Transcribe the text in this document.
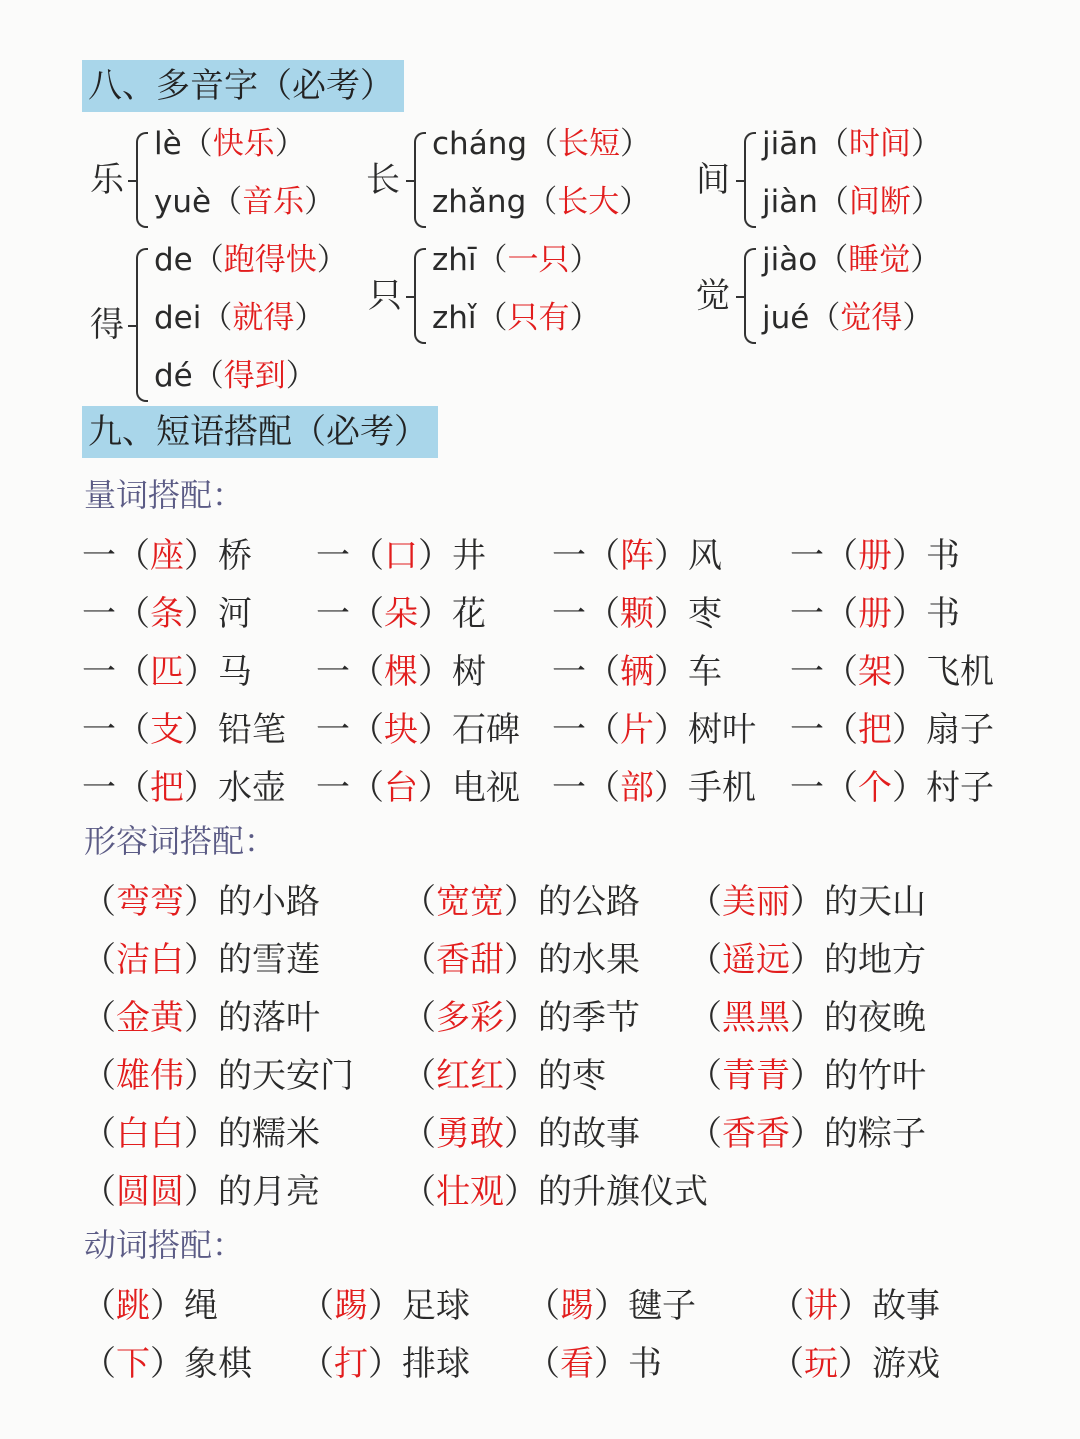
八、多音字（必考）
乐
lè（快乐）
yuè（音乐）
长
cháng（长短）
zhǎng（长大）
间
jiān（时间）
jiàn（间断）
得
de（跑得快）
dei（就得）
dé（得到）
只
zhī（一只）
zhǐ（只有）
觉
jiào（睡觉）
jué（觉得）
九、短语搭配（必考）
量词搭配：
一（座）桥 一（口）井 一（阵）风 一（册）书
一（条）河 一（朵）花 一（颗）枣 一（册）书
一（匹）马 一（棵）树 一（辆）车 一（架）飞机
一（支）铅笔 一（块）石碑 一（片）树叶 一（把）扇子
一（把）水壶 一（台）电视 一（部）手机 一（个）村子
形容词搭配：
（弯弯）的小路 （宽宽）的公路 （美丽）的天山
（洁白）的雪莲 （香甜）的水果 （遥远）的地方
（金黄）的落叶 （多彩）的季节 （黑黑）的夜晚
（雄伟）的天安门 （红红）的枣 （青青）的竹叶
（白白）的糯米 （勇敢）的故事 （香香）的粽子
（圆圆）的月亮 （壮观）的升旗仪式
动词搭配：
（跳）绳 （踢）足球 （踢）毽子 （讲）故事
（下）象棋 （打）排球 （看）书	（玩）游戏
